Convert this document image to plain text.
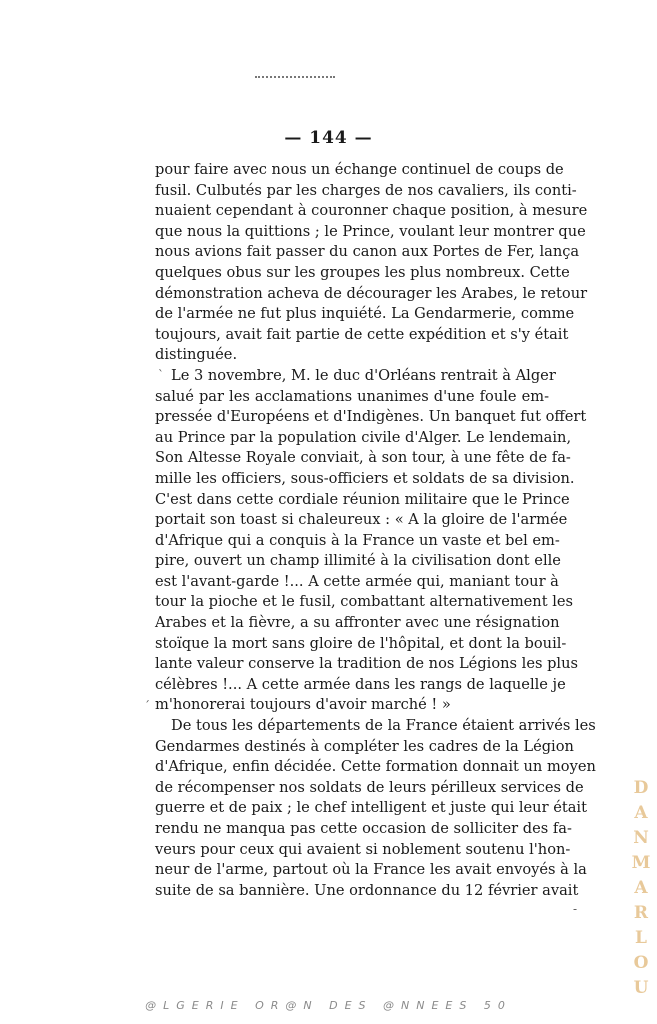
— 144 —
pour faire avec nous un échange continuel de coups de
fusil. Culbutés par les charges de nos cavaliers, ils conti-
nuaient cependant à couronner chaque position, à mesure
que nous la quittions ; le Prince, voulant leur montrer que
nous avions fait passer du canon aux Portes de Fer, lança
quelques obus sur les groupes les plus nombreux. Cette
démonstration acheva de décourager les Arabes, le retour
de l'armée ne fut plus inquiété. La Gendarmerie, comme
toujours, avait fait partie de cette expédition et s'y était
distinguée.
Le 3 novembre, M. le duc d'Orléans rentrait à Alger
salué par les acclamations unanimes d'une foule em-
pressée d'Européens et d'Indigènes. Un banquet fut offert
au Prince par la population civile d'Alger. Le lendemain,
Son Altesse Royale conviait, à son tour, à une fête de fa-
mille les officiers, sous-officiers et soldats de sa division.
C'est dans cette cordiale réunion militaire que le Prince
portait son toast si chaleureux : « A la gloire de l'armée
d'Afrique qui a conquis à la France un vaste et bel em-
pire, ouvert un champ illimité à la civilisation dont elle
est l'avant-garde !... A cette armée qui, maniant tour à
tour la pioche et le fusil, combattant alternativement les
Arabes et la fièvre, a su affronter avec une résignation
stoïque la mort sans gloire de l'hôpital, et dont la bouil-
lante valeur conserve la tradition de nos Légions les plus
célèbres !... A cette armée dans les rangs de laquelle je
m'honorerai toujours d'avoir marché ! »
De tous les départements de la France étaient arrivés les
Gendarmes destinés à compléter les cadres de la Légion
d'Afrique, enfin décidée. Cette formation donnait un moyen
de récompenser nos soldats de leurs périlleux services de
guerre et de paix ; le chef intelligent et juste qui leur était
rendu ne manqua pas cette occasion de solliciter des fa-
veurs pour ceux qui avaient si noblement soutenu l'hon-
neur de l'arme, partout où la France les avait envoyés à la
suite de sa bannière. Une ordonnance du 12 février avait
ˋ
ˊ
-
D
A
N
M
A
R
L
O
U
@LGERIE OR@N DES @NNEES 50
